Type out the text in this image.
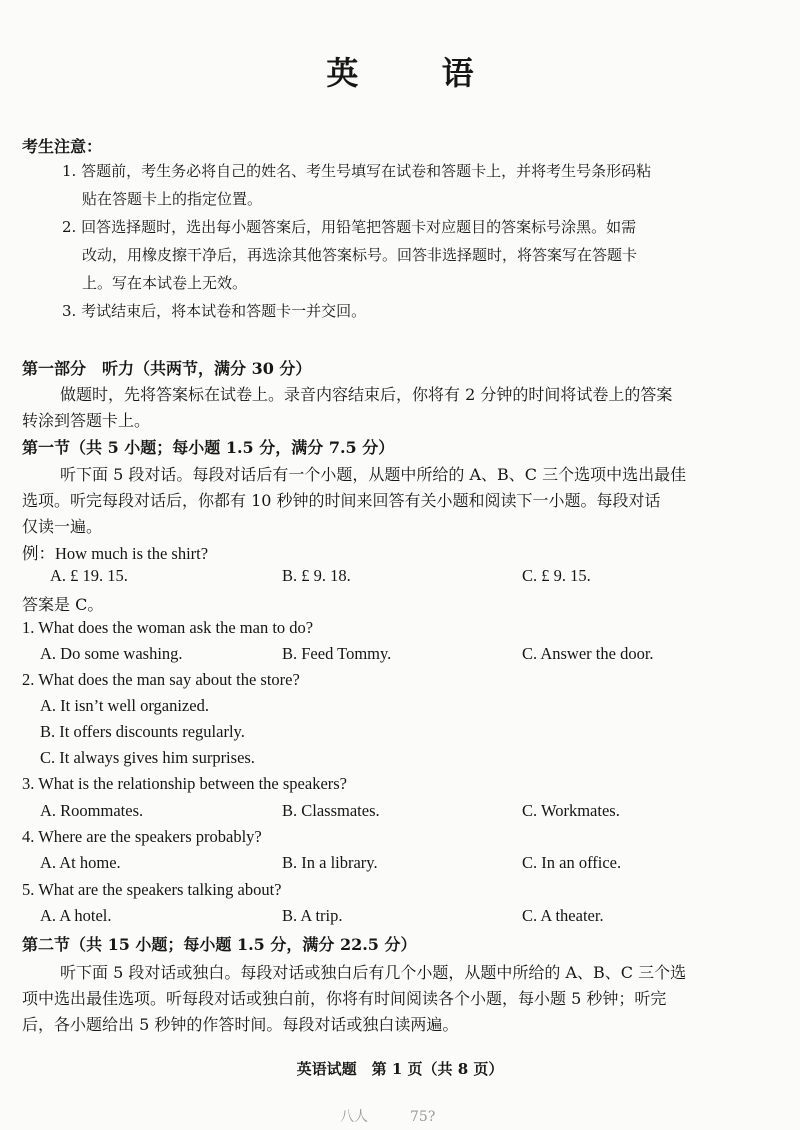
英 语
考生注意：
1. 答题前，考生务必将自己的姓名、考生号填写在试卷和答题卡上，并将考生号条形码粘
贴在答题卡上的指定位置。
2. 回答选择题时，选出每小题答案后，用铅笔把答题卡对应题目的答案标号涂黑。如需
改动，用橡皮擦干净后，再选涂其他答案标号。回答非选择题时，将答案写在答题卡
上。写在本试卷上无效。
3. 考试结束后，将本试卷和答题卡一并交回。
第一部分　听力（共两节，满分 30 分）
做题时，先将答案标在试卷上。录音内容结束后，你将有 2 分钟的时间将试卷上的答案
转涂到答题卡上。
第一节（共 5 小题；每小题 1.5 分，满分 7.5 分）
听下面 5 段对话。每段对话后有一个小题，从题中所给的 A、B、C 三个选项中选出最佳
选项。听完每段对话后，你都有 10 秒钟的时间来回答有关小题和阅读下一小题。每段对话
仅读一遍。
例：How much is the shirt?
A. £ 19. 15.	B. £ 9. 18.	C. £ 9. 15.
答案是 C。
1. What does the woman ask the man to do?
A. Do some washing.	B. Feed Tommy.	C. Answer the door.
2. What does the man say about the store?
A. It isn’t well organized.
B. It offers discounts regularly.
C. It always gives him surprises.
3. What is the relationship between the speakers?
A. Roommates.	B. Classmates.	C. Workmates.
4. Where are the speakers probably?
A. At home.	B. In a library.	C. In an office.
5. What are the speakers talking about?
A. A hotel.	B. A trip.	C. A theater.
第二节（共 15 小题；每小题 1.5 分，满分 22.5 分）
听下面 5 段对话或独白。每段对话或独白后有几个小题，从题中所给的 A、B、C 三个选
项中选出最佳选项。听每段对话或独白前，你将有时间阅读各个小题，每小题 5 秒钟；听完
后，各小题给出 5 秒钟的作答时间。每段对话或独白读两遍。
英语试题　第 1 页（共 8 页）
八人　　　75?
